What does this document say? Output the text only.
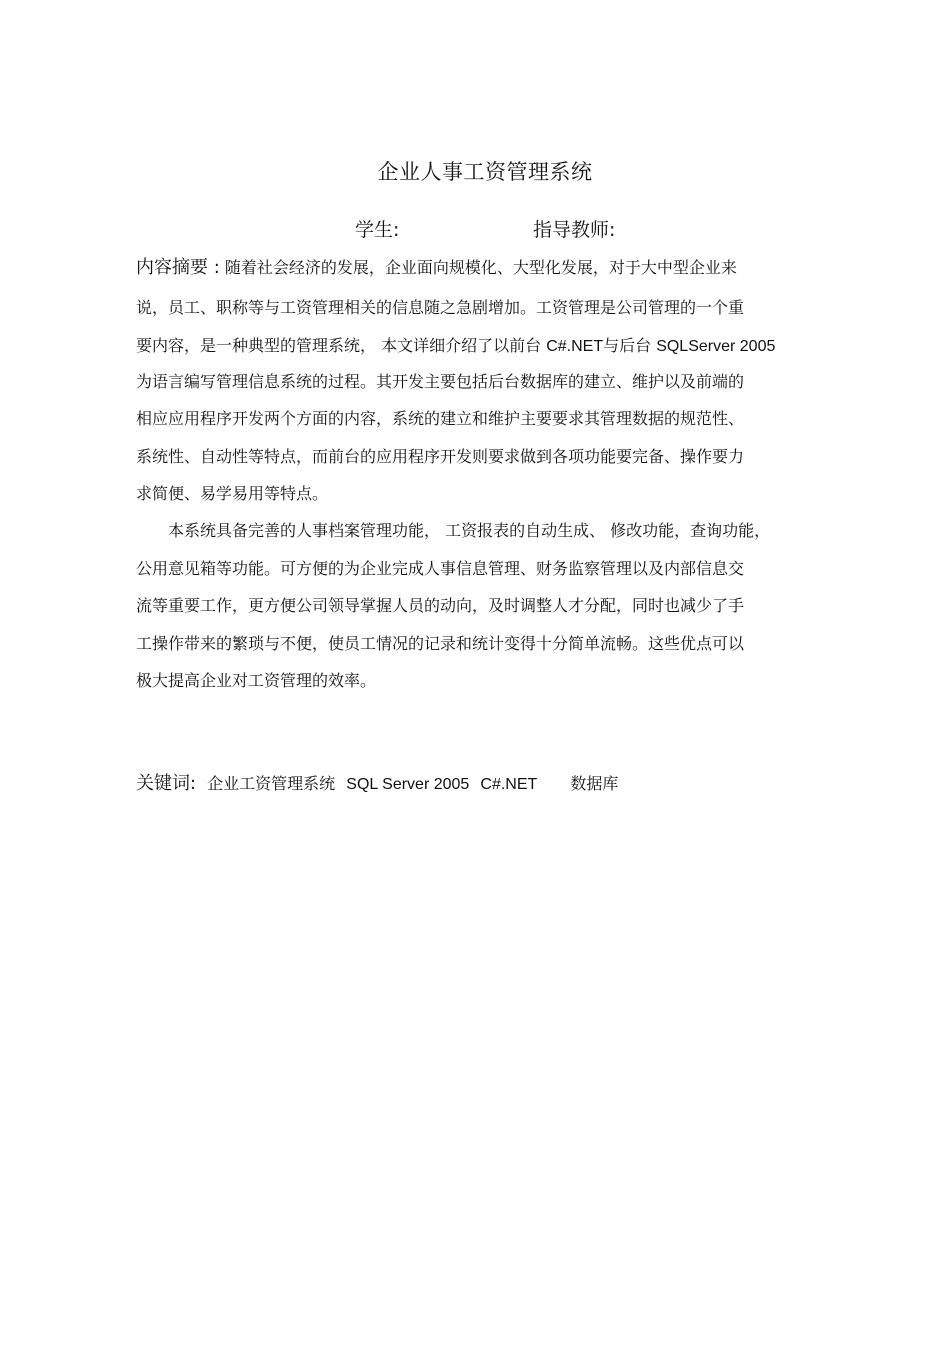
企业人事工资管理系统
学生:	指导教师:
内容摘要 : 随着社会经济的发展，企业面向规模化、大型化发展，对于大中型企业来
说，员工、职称等与工资管理相关的信息随之急剧增加。工资管理是公司管理的一个重
要内容，是一种典型的管理系统， 本文详细介绍了以前台 C#.NET与后台 SQLServer 2005
为语言编写管理信息系统的过程。其开发主要包括后台数据库的建立、维护以及前端的
相应应用程序开发两个方面的内容，系统的建立和维护主要要求其管理数据的规范性、
系统性、自动性等特点，而前台的应用程序开发则要求做到各项功能要完备、操作要力
求简便、易学易用等特点。
　　本系统具备完善的人事档案管理功能， 工资报表的自动生成、 修改功能，查询功能，
公用意见箱等功能。可方便的为企业完成人事信息管理、财务监察管理以及内部信息交
流等重要工作，更方便公司领导掌握人员的动向，及时调整人才分配，同时也减少了手
工操作带来的繁琐与不便，使员工情况的记录和统计变得十分简单流畅。这些优点可以
极大提高企业对工资管理的效率。
关键词: 企业工资管理系统 SQL Server 2005 C#.NET 数据库
